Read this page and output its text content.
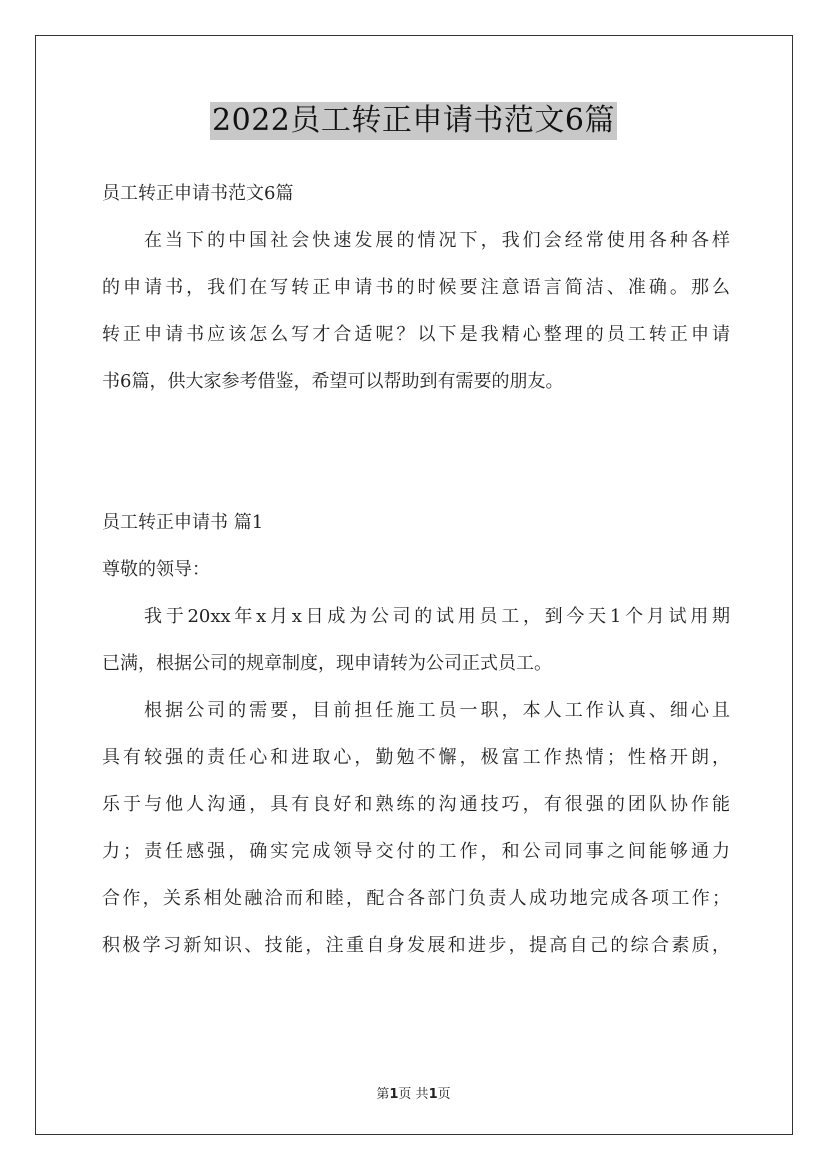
2022员工转正申请书范文6篇
员工转正申请书范文6篇
在当下的中国社会快速发展的情况下，我们会经常使用各种各样
的申请书，我们在写转正申请书的时候要注意语言简洁、准确。那么
转正申请书应该怎么写才合适呢？以下是我精心整理的员工转正申请
书6篇，供大家参考借鉴，希望可以帮助到有需要的朋友。
员工转正申请书 篇1
尊敬的领导：
我于20xx年x月x日成为公司的试用员工，到今天1个月试用期
已满，根据公司的规章制度，现申请转为公司正式员工。
根据公司的需要，目前担任施工员一职，本人工作认真、细心且
具有较强的责任心和进取心，勤勉不懈，极富工作热情；性格开朗，
乐于与他人沟通，具有良好和熟练的沟通技巧，有很强的团队协作能
力；责任感强，确实完成领导交付的工作，和公司同事之间能够通力
合作，关系相处融洽而和睦，配合各部门负责人成功地完成各项工作；
积极学习新知识、技能，注重自身发展和进步，提高自己的综合素质，
第1页 共1页
